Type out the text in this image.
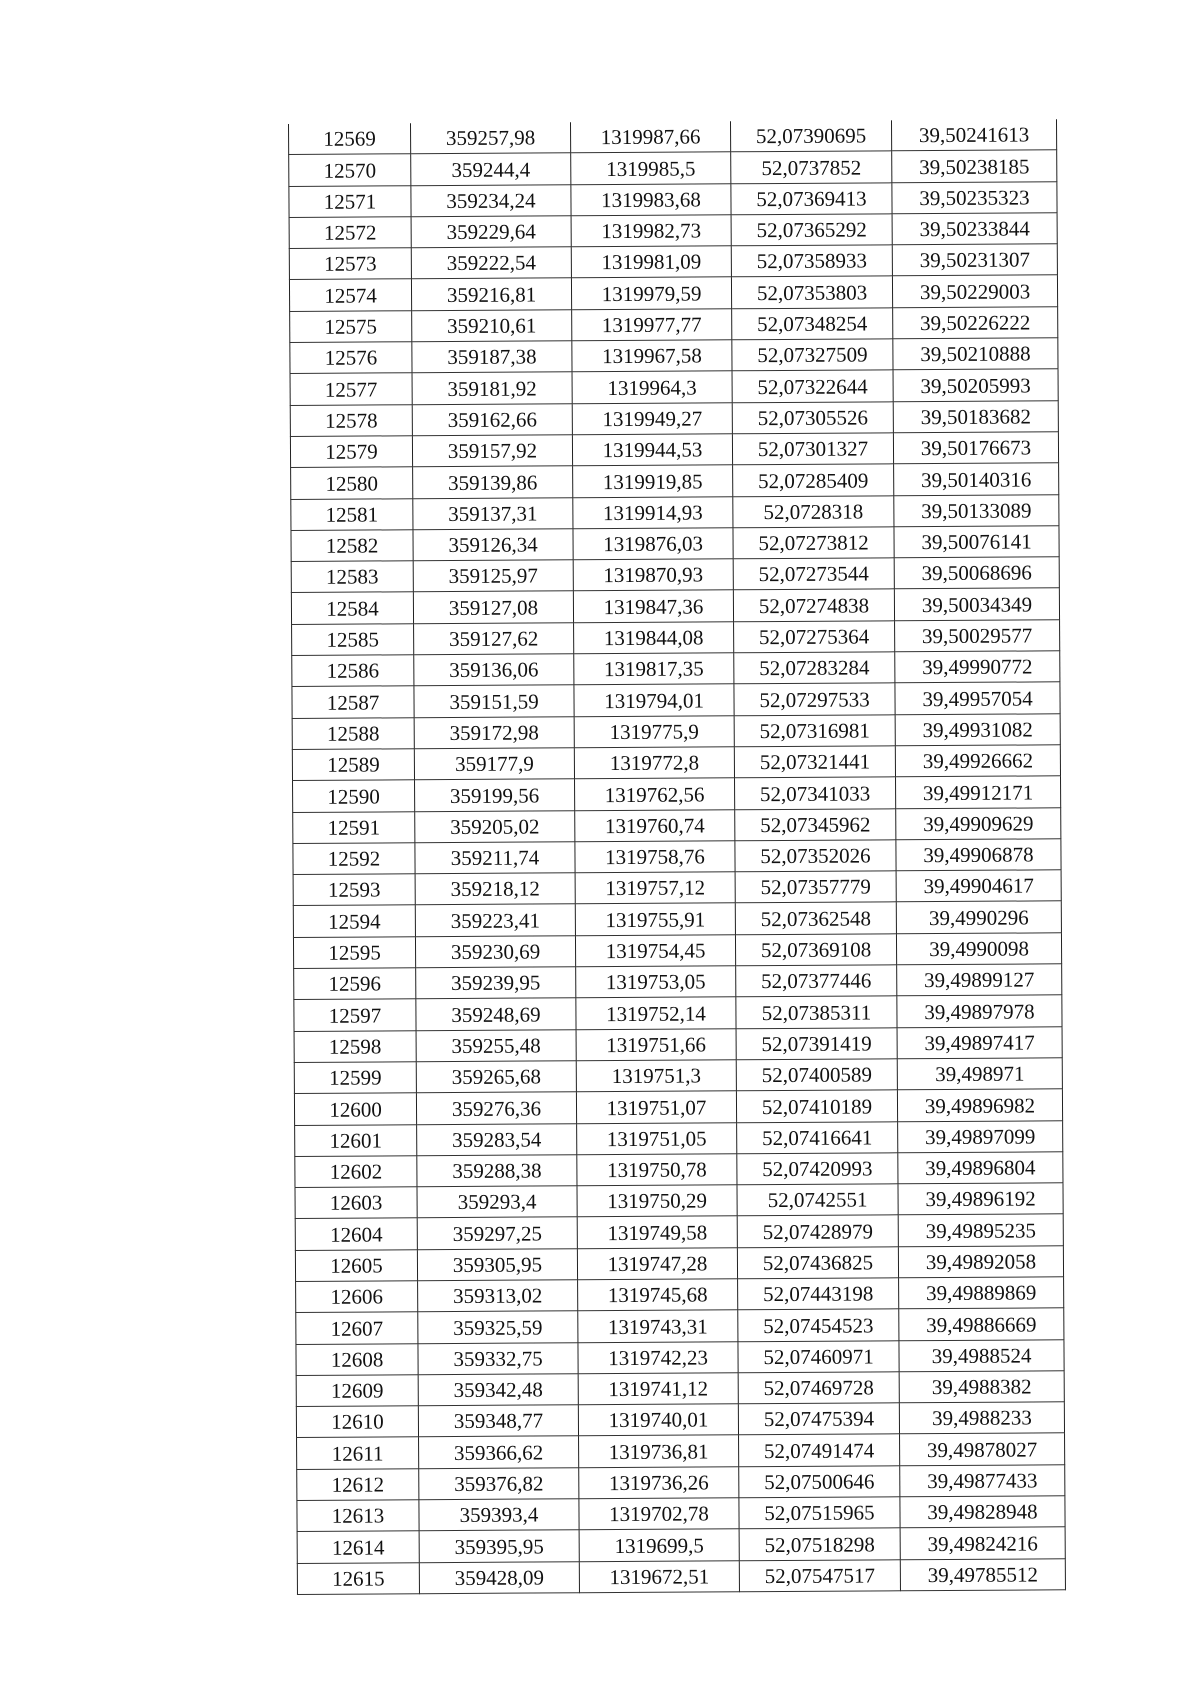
12569	359257,98	1319987,66	52,07390695	39,50241613
12570	359244,4	1319985,5	52,0737852	39,50238185
12571	359234,24	1319983,68	52,07369413	39,50235323
12572	359229,64	1319982,73	52,07365292	39,50233844
12573	359222,54	1319981,09	52,07358933	39,50231307
12574	359216,81	1319979,59	52,07353803	39,50229003
12575	359210,61	1319977,77	52,07348254	39,50226222
12576	359187,38	1319967,58	52,07327509	39,50210888
12577	359181,92	1319964,3	52,07322644	39,50205993
12578	359162,66	1319949,27	52,07305526	39,50183682
12579	359157,92	1319944,53	52,07301327	39,50176673
12580	359139,86	1319919,85	52,07285409	39,50140316
12581	359137,31	1319914,93	52,0728318	39,50133089
12582	359126,34	1319876,03	52,07273812	39,50076141
12583	359125,97	1319870,93	52,07273544	39,50068696
12584	359127,08	1319847,36	52,07274838	39,50034349
12585	359127,62	1319844,08	52,07275364	39,50029577
12586	359136,06	1319817,35	52,07283284	39,49990772
12587	359151,59	1319794,01	52,07297533	39,49957054
12588	359172,98	1319775,9	52,07316981	39,49931082
12589	359177,9	1319772,8	52,07321441	39,49926662
12590	359199,56	1319762,56	52,07341033	39,49912171
12591	359205,02	1319760,74	52,07345962	39,49909629
12592	359211,74	1319758,76	52,07352026	39,49906878
12593	359218,12	1319757,12	52,07357779	39,49904617
12594	359223,41	1319755,91	52,07362548	39,4990296
12595	359230,69	1319754,45	52,07369108	39,4990098
12596	359239,95	1319753,05	52,07377446	39,49899127
12597	359248,69	1319752,14	52,07385311	39,49897978
12598	359255,48	1319751,66	52,07391419	39,49897417
12599	359265,68	1319751,3	52,07400589	39,498971
12600	359276,36	1319751,07	52,07410189	39,49896982
12601	359283,54	1319751,05	52,07416641	39,49897099
12602	359288,38	1319750,78	52,07420993	39,49896804
12603	359293,4	1319750,29	52,0742551	39,49896192
12604	359297,25	1319749,58	52,07428979	39,49895235
12605	359305,95	1319747,28	52,07436825	39,49892058
12606	359313,02	1319745,68	52,07443198	39,49889869
12607	359325,59	1319743,31	52,07454523	39,49886669
12608	359332,75	1319742,23	52,07460971	39,4988524
12609	359342,48	1319741,12	52,07469728	39,4988382
12610	359348,77	1319740,01	52,07475394	39,4988233
12611	359366,62	1319736,81	52,07491474	39,49878027
12612	359376,82	1319736,26	52,07500646	39,49877433
12613	359393,4	1319702,78	52,07515965	39,49828948
12614	359395,95	1319699,5	52,07518298	39,49824216
12615	359428,09	1319672,51	52,07547517	39,49785512
